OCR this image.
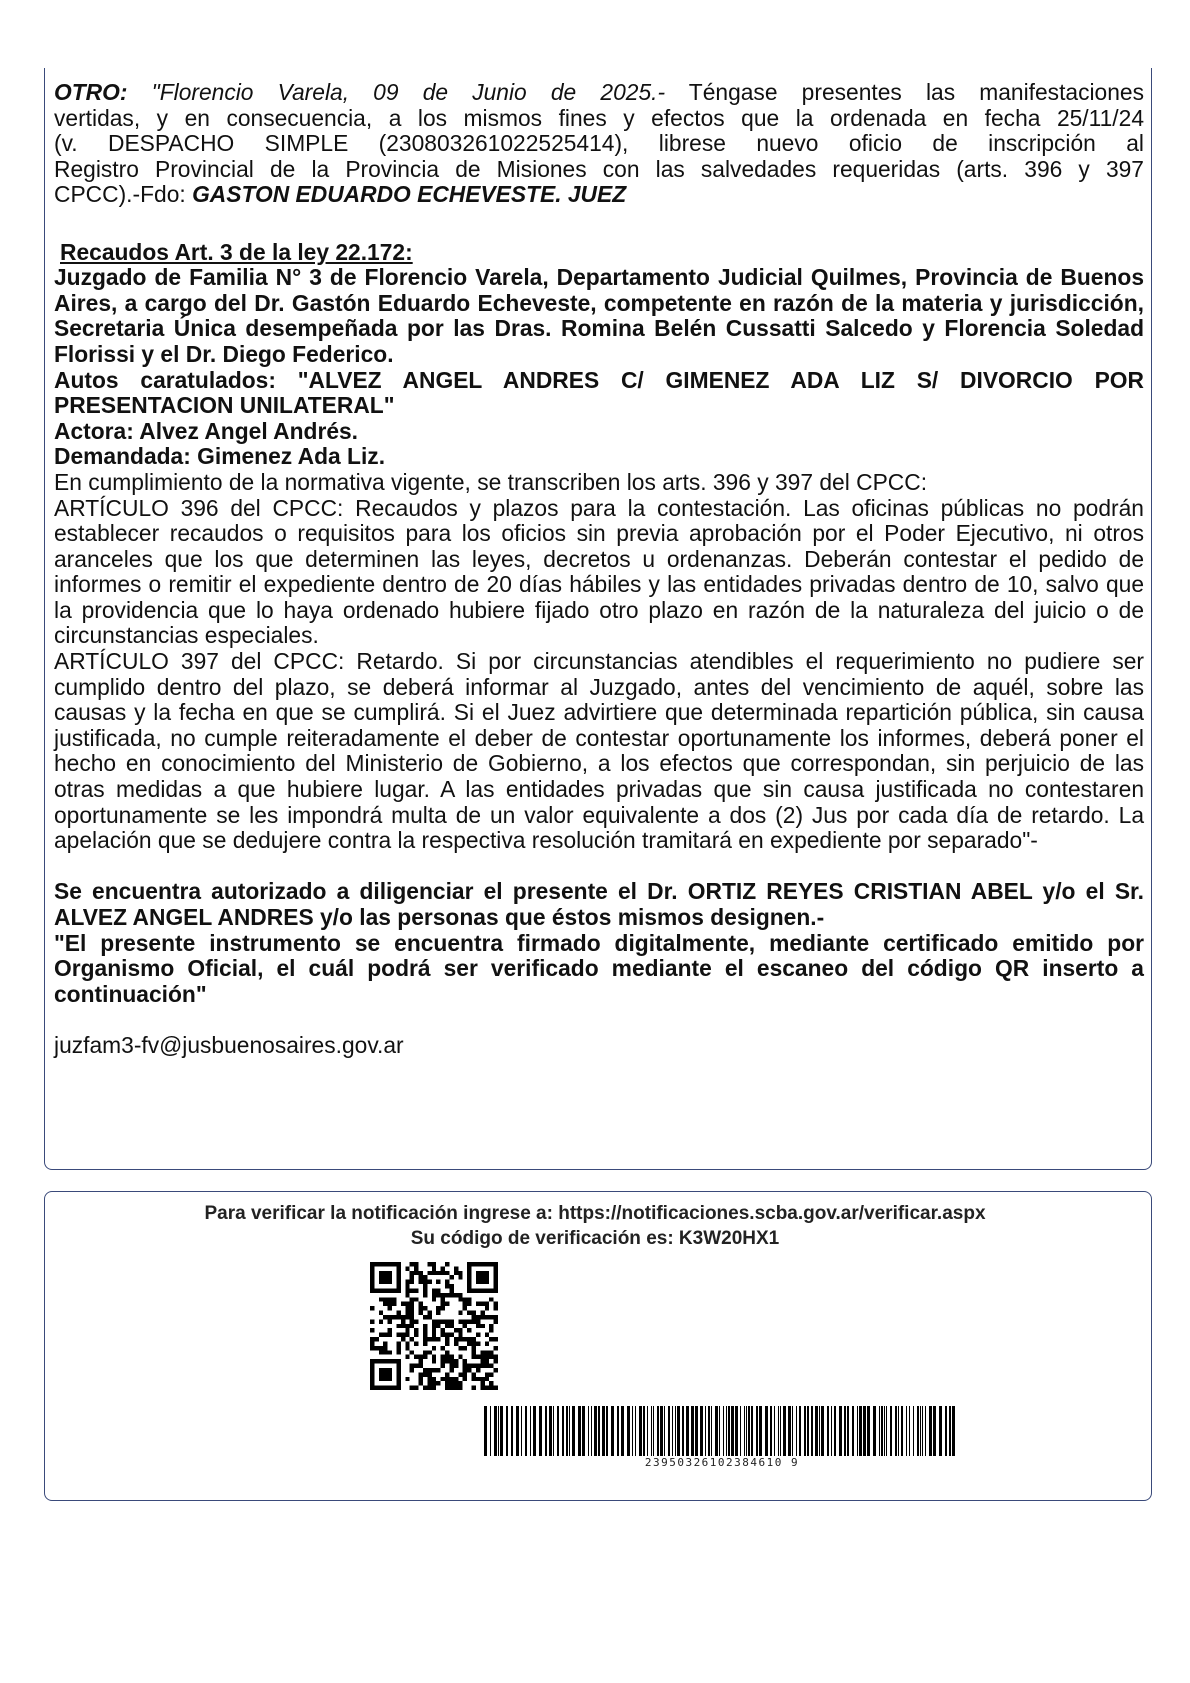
OTRO: "Florencio Varela, 09 de Junio de 2025.- Téngase presentes las manifestaciones

vertidas, y en consecuencia, a los mismos fines y efectos que la ordenada en fecha 25/11/24

(v. DESPACHO SIMPLE (230803261022525414), librese nuevo oficio de inscripción al

Registro Provincial de la Provincia de Misiones con las salvedades requeridas (arts. 396 y 397

CPCC).-Fdo: GASTON EDUARDO ECHEVESTE. JUEZ

Recaudos Art. 3 de la ley 22.172:

Juzgado de Familia N° 3 de Florencio Varela, Departamento Judicial Quilmes, Provincia de Buenos Aires, a cargo del Dr. Gastón Eduardo Echeveste, competente en razón de la materia y jurisdicción, Secretaria Única desempeñada por las Dras. Romina Belén Cussatti Salcedo y Florencia Soledad Florissi y el Dr. Diego Federico.

Autos caratulados: "ALVEZ ANGEL ANDRES C/ GIMENEZ ADA LIZ S/ DIVORCIO POR PRESENTACION UNILATERAL"

Actora: Alvez Angel Andrés.

Demandada: Gimenez Ada Liz.

En cumplimiento de la normativa vigente, se transcriben los arts. 396 y 397 del CPCC:

ARTÍCULO 396 del CPCC: Recaudos y plazos para la contestación. Las oficinas públicas no podrán establecer recaudos o requisitos para los oficios sin previa aprobación por el Poder Ejecutivo, ni otros aranceles que los que determinen las leyes, decretos u ordenanzas. Deberán contestar el pedido de informes o remitir el expediente dentro de 20 días hábiles y las entidades privadas dentro de 10, salvo que la providencia que lo haya ordenado hubiere fijado otro plazo en razón de la naturaleza del juicio o de circunstancias especiales.

ARTÍCULO 397 del CPCC: Retardo. Si por circunstancias atendibles el requerimiento no pudiere ser cumplido dentro del plazo, se deberá informar al Juzgado, antes del vencimiento de aquél, sobre las causas y la fecha en que se cumplirá. Si el Juez advirtiere que determinada repartición pública, sin causa justificada, no cumple reiteradamente el deber de contestar oportunamente los informes, deberá poner el hecho en conocimiento del Ministerio de Gobierno, a los efectos que correspondan, sin perjuicio de las otras medidas a que hubiere lugar. A las entidades privadas que sin causa justificada no contestaren oportunamente se les impondrá multa de un valor equivalente a dos (2) Jus por cada día de retardo. La apelación que se dedujere contra la respectiva resolución tramitará en expediente por separado"-

Se encuentra autorizado a diligenciar el presente el Dr. ORTIZ REYES CRISTIAN ABEL y/o el Sr. ALVEZ ANGEL ANDRES y/o las personas que éstos mismos designen.-

"El presente instrumento se encuentra firmado digitalmente, mediante certificado emitido por Organismo Oficial, el cuál podrá ser verificado mediante el escaneo del código QR inserto a continuación"

juzfam3-fv@jusbuenosaires.gov.ar

Para verificar la notificación ingrese a: https://notificaciones.scba.gov.ar/verificar.aspx
Su código de verificación es: K3W20HX1
23950326102384610 9
